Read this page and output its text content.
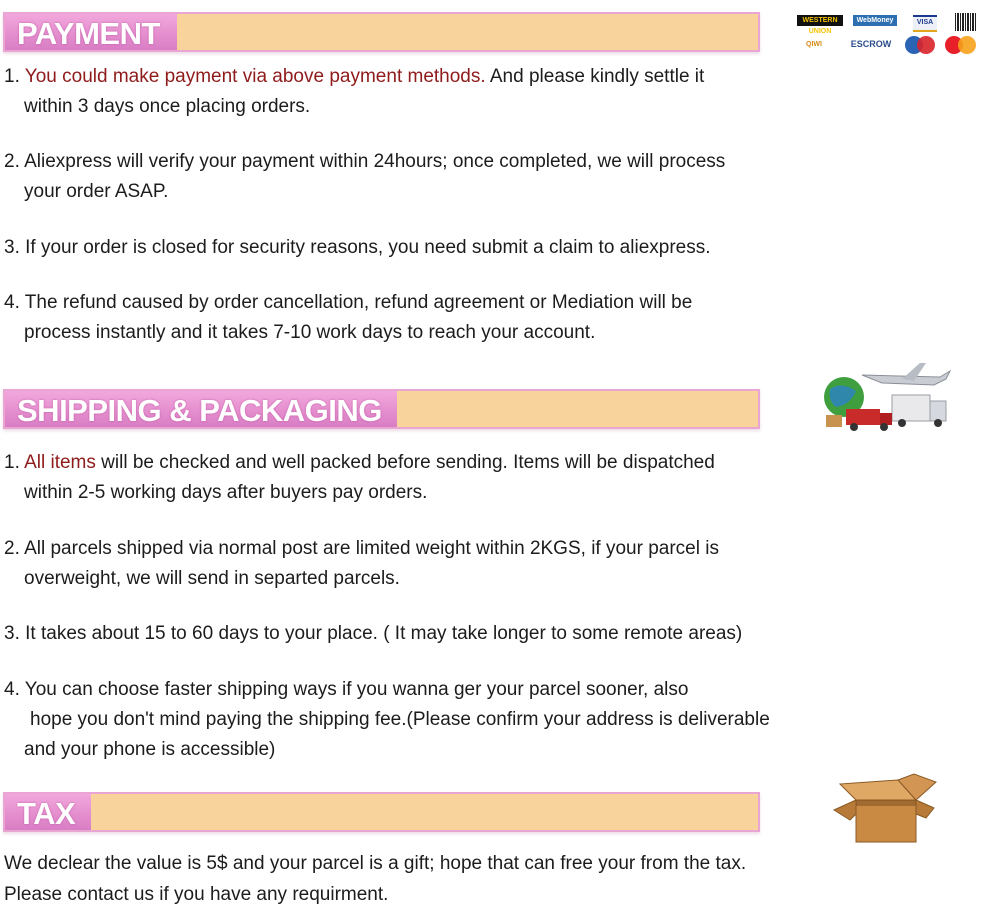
PAYMENT	WESTERN UNION
WebMoney	VISA
QIWI	ESCROW
1. You could make payment via above payment methods. And please kindly settle it
within 3 days once placing orders.
2. Aliexpress will verify your payment within 24hours; once completed, we will process
your order ASAP.
3. If your order is closed for security reasons, you need submit a claim to aliexpress.
4. The refund caused by order cancellation, refund agreement or Mediation will be
process instantly and it takes 7-10 work days to reach your account.
SHIPPING & PACKAGING
1. All items will be checked and well packed before sending. Items will be dispatched
within 2-5 working days after buyers pay orders.
2. All parcels shipped via normal post are limited weight within 2KGS, if your parcel is
overweight, we will send in separted parcels.
3. It takes about 15 to 60 days to your place. ( It may take longer to some remote areas)
4. You can choose faster shipping ways if you wanna ger your parcel sooner, also
hope you don't mind paying the shipping fee.(Please confirm your address is deliverable
and your phone is accessible)
TAX
We declear the value is 5$ and your parcel is a gift; hope that can free your from the tax.
Please contact us if you have any requirment.
